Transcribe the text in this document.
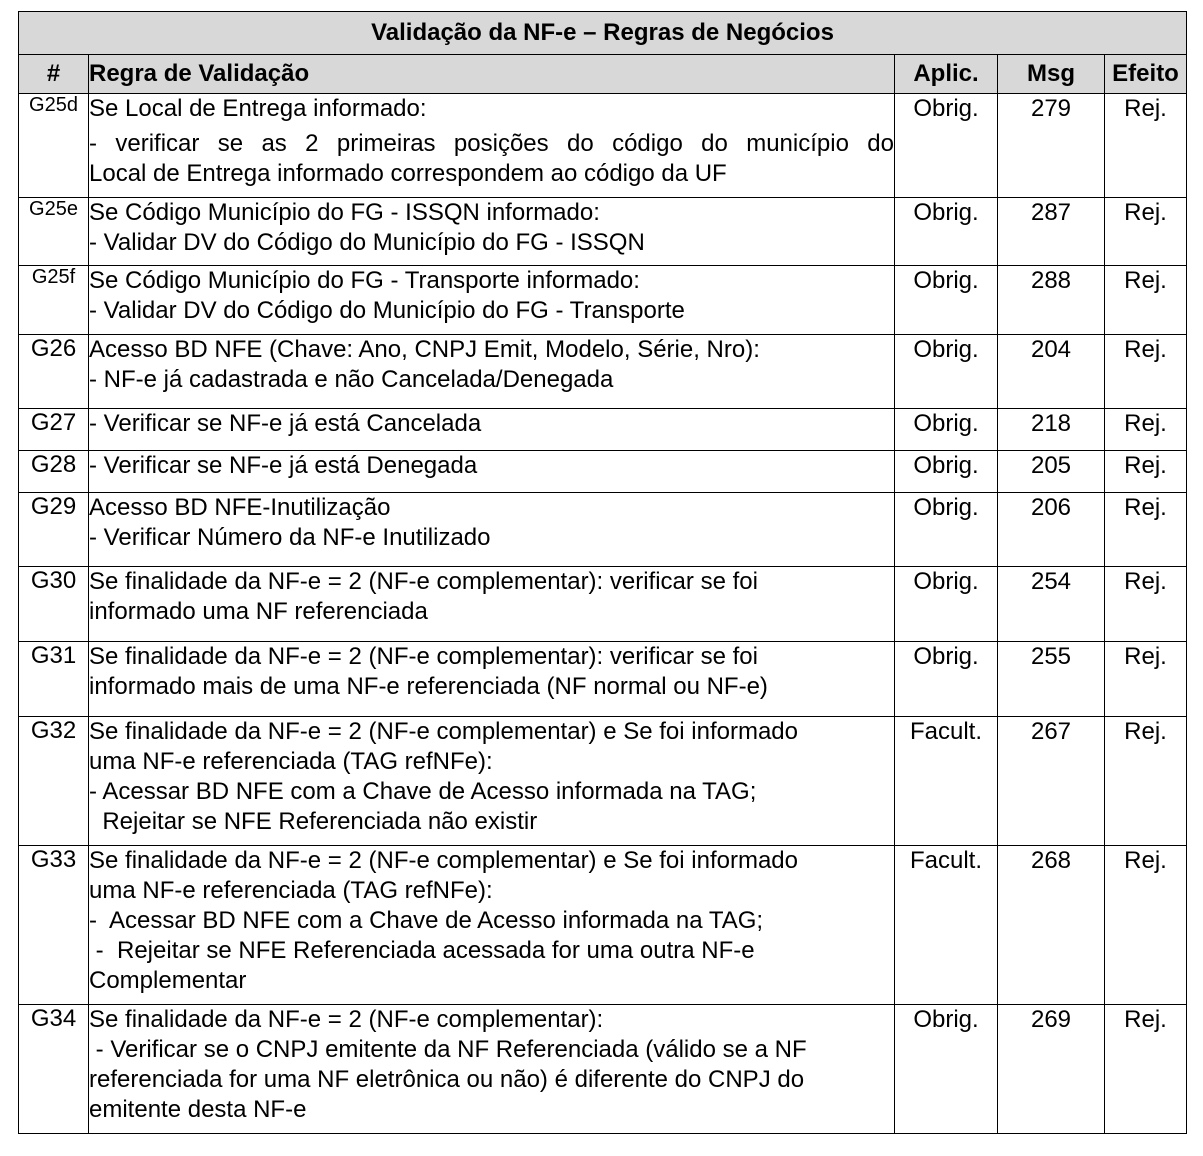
Validação da NF-e – Regras de Negócios				
#	Regra de Validação	Aplic.	Msg	Efeito
G25d	Se Local de Entrega informado:
- verificar se as 2 primeiras posições do código do município do
Local de Entrega informado correspondem ao código da UF	Obrig.	279	Rej.
G25e	Se Código Município do FG - ISSQN informado:
- Validar DV do Código do Município do FG - ISSQN	Obrig.	287	Rej.
G25f	Se Código Município do FG - Transporte informado:
- Validar DV do Código do Município do FG - Transporte	Obrig.	288	Rej.
G26	Acesso BD NFE (Chave: Ano, CNPJ Emit, Modelo, Série, Nro):
- NF-e já cadastrada e não Cancelada/Denegada	Obrig.	204	Rej.
G27	- Verificar se NF-e já está Cancelada	Obrig.	218	Rej.
G28	- Verificar se NF-e já está Denegada	Obrig.	205	Rej.
G29	Acesso BD NFE-Inutilização
- Verificar Número da NF-e Inutilizado	Obrig.	206	Rej.
G30	Se finalidade da NF-e = 2 (NF-e complementar): verificar se foi
informado uma NF referenciada	Obrig.	254	Rej.
G31	Se finalidade da NF-e = 2 (NF-e complementar): verificar se foi
informado mais de uma NF-e referenciada (NF normal ou NF-e)	Obrig.	255	Rej.
G32	Se finalidade da NF-e = 2 (NF-e complementar) e Se foi informado
uma NF-e referenciada (TAG refNFe):
- Acessar BD NFE com a Chave de Acesso informada na TAG;
Rejeitar se NFE Referenciada não existir	Facult.	267	Rej.
G33	Se finalidade da NF-e = 2 (NF-e complementar) e Se foi informado
uma NF-e referenciada (TAG refNFe):
-  Acessar BD NFE com a Chave de Acesso informada na TAG;
-  Rejeitar se NFE Referenciada acessada for uma outra NF-e
Complementar	Facult.	268	Rej.
G34	Se finalidade da NF-e = 2 (NF-e complementar):
- Verificar se o CNPJ emitente da NF Referenciada (válido se a NF
referenciada for uma NF eletrônica ou não) é diferente do CNPJ do
emitente desta NF-e	Obrig.	269	Rej.
